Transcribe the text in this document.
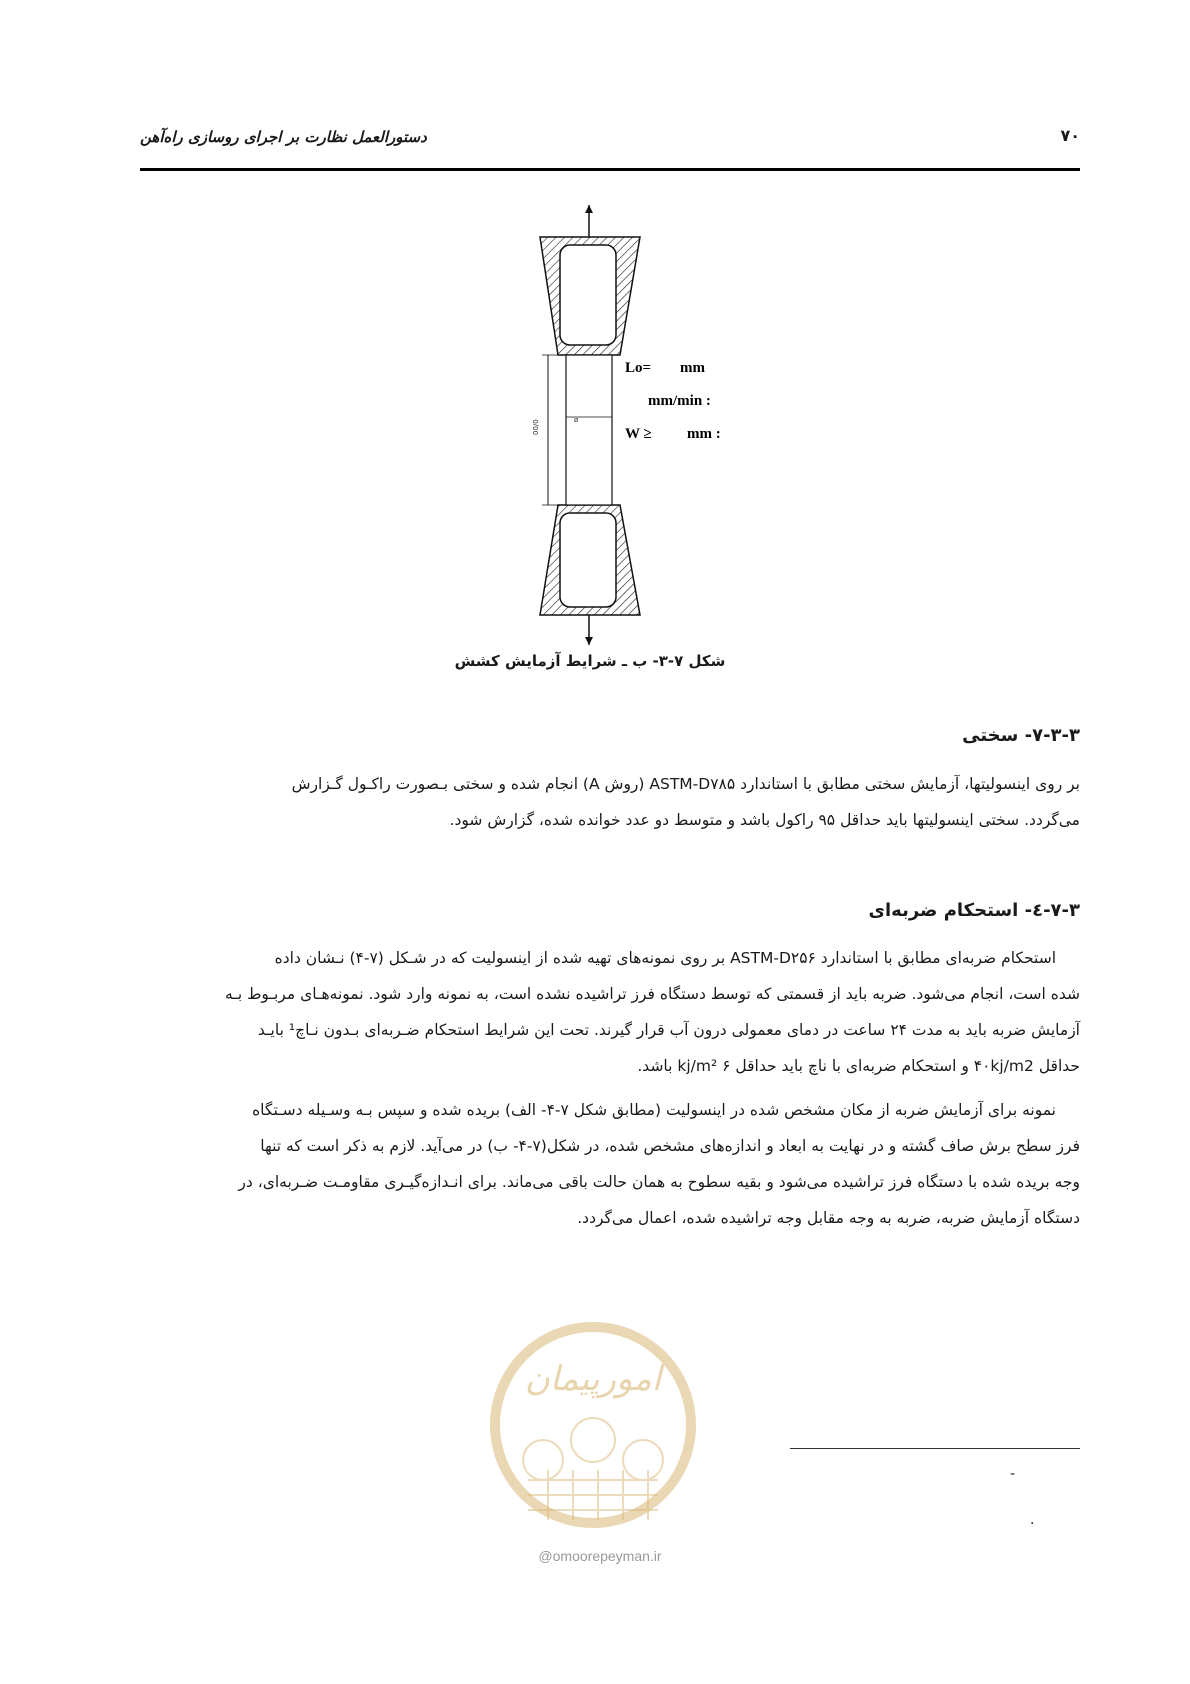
دستورالعمل نظارت بر اجرای روسازی راه‌آهن	۷۰
00/0	ø
Lo= mm
mm/min :
W ≥ mm :
شکل ۷-۳- ب ـ شرایط آزمایش کشش
۷-۳-۳- سختی
بر روی اینسولیتها، آزمایش سختی مطابق با استاندارد ASTM-D۷۸۵ (روش A) انجام شده و سختی بـصورت راکـول گـزارش
می‌گردد. سختی اینسولیتها باید حداقل ۹۵ راکول باشد و متوسط دو عدد خوانده شده، گزارش شود.
۷-۳-٤- استحکام ضربه‌ای
استحکام ضربه‌ای مطابق با استاندارد ASTM-D۲۵۶ بر روی نمونه‌های تهیه شده از اینسولیت که در شـکل (۷-۴) نـشان داده
شده است، انجام می‌شود. ضربه باید از قسمتی که توسط دستگاه فرز تراشیده نشده است، به نمونه وارد شود. نمونه‌هـای مربـوط بـه
آزمایش ضربه باید به مدت ۲۴ ساعت در دمای معمولی درون آب قرار گیرند. تحت این شرایط استحکام ضـربه‌ای بـدون نـاچ¹ بایـد
حداقل ۴۰kj/m2 و استحکام ضربه‌ای با ناچ باید حداقل ۶ kj/m² باشد.
نمونه برای آزمایش ضربه از مکان مشخص شده در اینسولیت (مطابق شکل ۷-۴- الف) بریده شده و سپس بـه وسـیله دسـتگاه
فرز سطح برش صاف گشته و در نهایت به ابعاد و اندازه‌های مشخص شده، در شکل(۷-۴- ب) در می‌آید. لازم به ذکر است که تنها
وجه بریده شده با دستگاه فرز تراشیده می‌شود و بقیه سطوح به همان حالت باقی می‌ماند. برای انـدازه‌گیـری مقاومـت ضـربه‌ای، در
دستگاه آزمایش ضربه، ضربه به وجه مقابل وجه تراشیده شده، اعمال می‌گردد.
-
.
امورپیمان
@omoorepeyman.ir
